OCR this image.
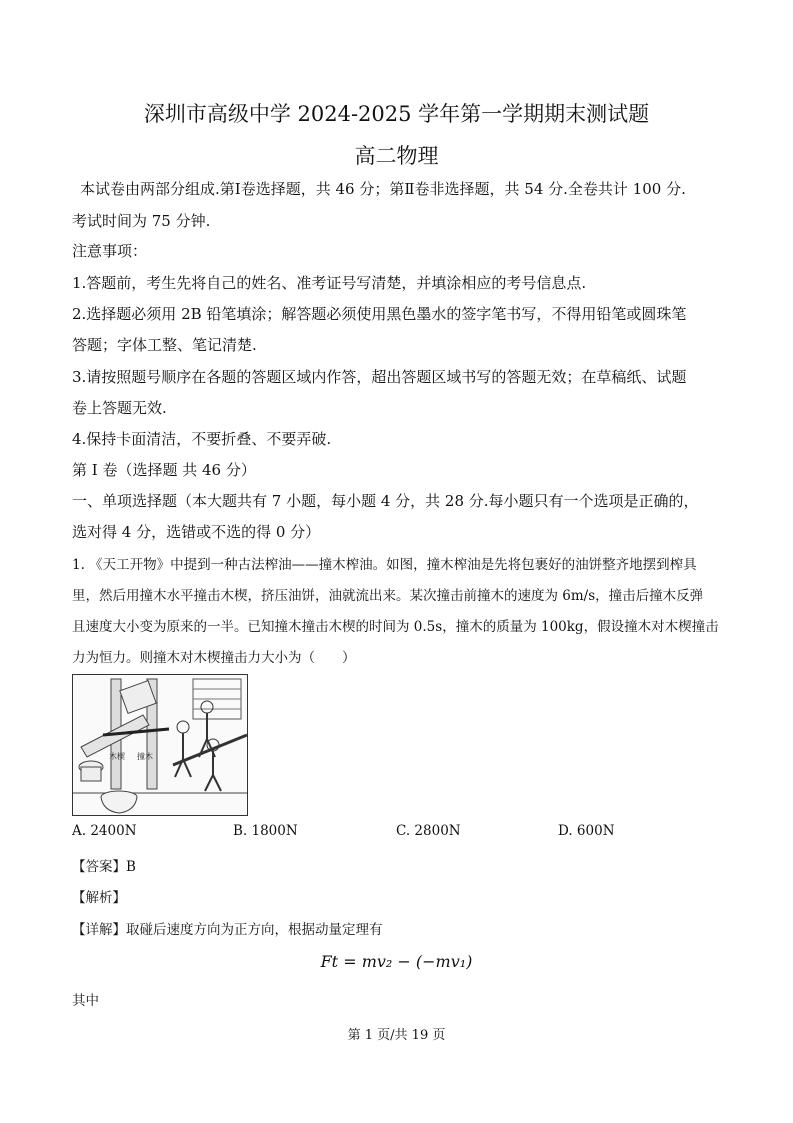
深圳市高级中学 2024-2025 学年第一学期期末测试题
高二物理
本试卷由两部分组成.第Ⅰ卷选择题，共 46 分；第Ⅱ卷非选择题，共 54 分.全卷共计 100 分.
考试时间为 75 分钟.
注意事项：
1.答题前，考生先将自己的姓名、准考证号写清楚，并填涂相应的考号信息点.
2.选择题必须用 2B 铅笔填涂；解答题必须使用黑色墨水的签字笔书写，不得用铅笔或圆珠笔
答题；字体工整、笔记清楚.
3.请按照题号顺序在各题的答题区域内作答，超出答题区域书写的答题无效；在草稿纸、试题
卷上答题无效.
4.保持卡面清洁，不要折叠、不要弄破.
第 Ⅰ 卷（选择题 共 46 分）
一、单项选择题（本大题共有 7 小题，每小题 4 分，共 28 分.每小题只有一个选项是正确的，
选对得 4 分，选错或不选的得 0 分）
1. 《天工开物》中提到一种古法榨油——撞木榨油。如图，撞木榨油是先将包裹好的油饼整齐地摆到榨具
里，然后用撞木水平撞击木楔，挤压油饼，油就流出来。某次撞击前撞木的速度为 6m/s，撞击后撞木反弹
且速度大小变为原来的一半。已知撞木撞击木楔的时间为 0.5s，撞木的质量为 100kg，假设撞木对木楔撞击
力为恒力。则撞木对木楔撞击力大小为（　　）
木楔 撞木
A. 2400N	B. 1800N	C. 2800N	D. 600N
【答案】B
【解析】
【详解】取碰后速度方向为正方向，根据动量定理有
Ft = mv₂ − (−mv₁)
其中
第 1 页/共 19 页
